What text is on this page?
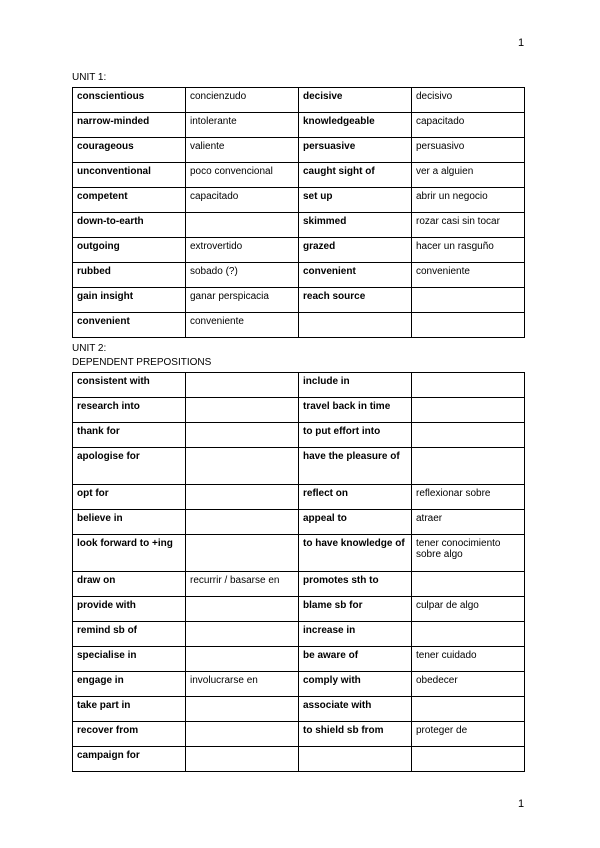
1
UNIT 1:
conscientious	concienzudo	decisive	decisivo
narrow-minded	intolerante	knowledgeable	capacitado
courageous	valiente	persuasive	persuasivo
unconventional	poco convencional	caught sight of	ver a alguien
competent	capacitado	set up	abrir un negocio
down-to-earth		skimmed	rozar casi sin tocar
outgoing	extrovertido	grazed	hacer un rasguño
rubbed	sobado (?)	convenient	conveniente
gain insight	ganar perspicacia	reach source	
convenient	conveniente		
UNIT 2:
DEPENDENT PREPOSITIONS
consistent with		include in	
research into		travel back in time	
thank for		to put effort into	
apologise for		have the pleasure of	
opt for		reflect on	reflexionar sobre
believe in		appeal to	atraer
look forward to +ing		to have knowledge of	tener conocimiento sobre algo
draw on	recurrir / basarse en	promotes sth to	
provide with		blame sb for	culpar de algo
remind sb of		increase in	
specialise in		be aware of	tener cuidado
engage in	involucrarse en	comply with	obedecer
take part in		associate with	
recover from		to shield sb from	proteger de
campaign for			
1
